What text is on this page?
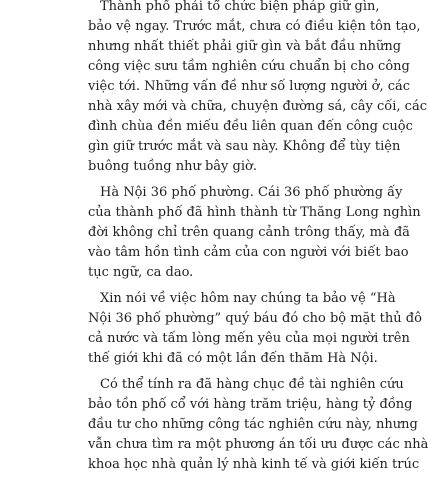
Thành phố phải tổ chức biện pháp giữ gìn,
bảo vệ ngay. Trước mắt, chưa có điều kiện tôn tạo,
nhưng nhất thiết phải giữ gìn và bắt đầu những
công việc sưu tầm nghiên cứu chuẩn bị cho công
việc tới. Những vấn đề như số lượng người ở, các
nhà xây mới và chữa, chuyện đường sá, cây cối, các
đình chùa đền miếu đều liên quan đến công cuộc
gìn giữ trước mắt và sau này. Không để tùy tiện
buông tuồng như bây giờ.
Hà Nội 36 phố phường. Cái 36 phố phường ấy
của thành phố đã hình thành từ Thăng Long nghìn
đời không chỉ trên quang cảnh trông thấy, mà đã
vào tâm hồn tình cảm của con người với biết bao
tục ngữ, ca dao.
Xin nói về việc hôm nay chúng ta bảo vệ “Hà
Nội 36 phố phường” quý báu đó cho bộ mặt thủ đô
cả nước và tấm lòng mến yêu của mọi người trên
thế giới khi đã có một lần đến thăm Hà Nội.
Có thể tính ra đã hàng chục đề tài nghiên cứu
bảo tồn phố cổ với hàng trăm triệu, hàng tỷ đồng
đầu tư cho những công tác nghiên cứu này, nhưng
vẫn chưa tìm ra một phương án tối ưu được các nhà
khoa học nhà quản lý nhà kinh tế và giới kiến trúc
